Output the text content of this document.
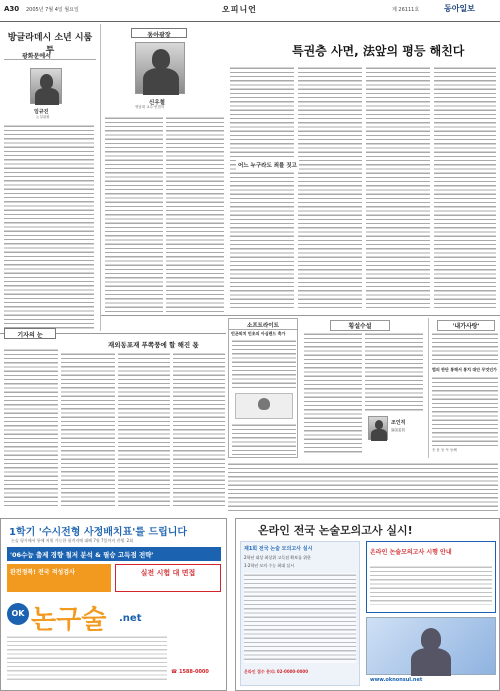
A30 2005년 7월 4일 월요일	오피니언	제 26111호	동아일보
방글라데시 소년 시룸투
광화문에서
임규진
논설위원
동아광장
신우철
영남대 교수·헌법학
특권층 사면, 法앞의 평등 해친다
어느 누구라도 죄를 짓고
소프트라이트
빈곤퇴치 민초의 아심랜드 축가
횡설수설
조인직
論說委員
'내가사랑'
법의 판단 통해서 통치 대안 무엇인가
송 윤 동 독 동해
기자의 눈
재외동포재 푸쪽풍에 할 해진 몫
1학기 '수시전형 사정배치표'를 드립니다
논술 평가에서 통에 지원 가능한 합격지에 대해 7월 7일까지 진행. 2회
'06수능 출제 경향 철저 분석 & 필승 고득점 전략'
완전정복! 전국 적성검사	실전 시험 대 면접
OK 논구술 .net
☎ 1588-0000
온라인 전국 논술모의고사 실시!
제1회 전국 논술 모의고사 실시
2학년 대상 최상위 고득점 확보를 위한
1·2학년 모의 수능 최대 실시
온라인 접수 문의: 02-0000-0000
온라인 논술모의고사 시행 안내
www.oknonsul.net
